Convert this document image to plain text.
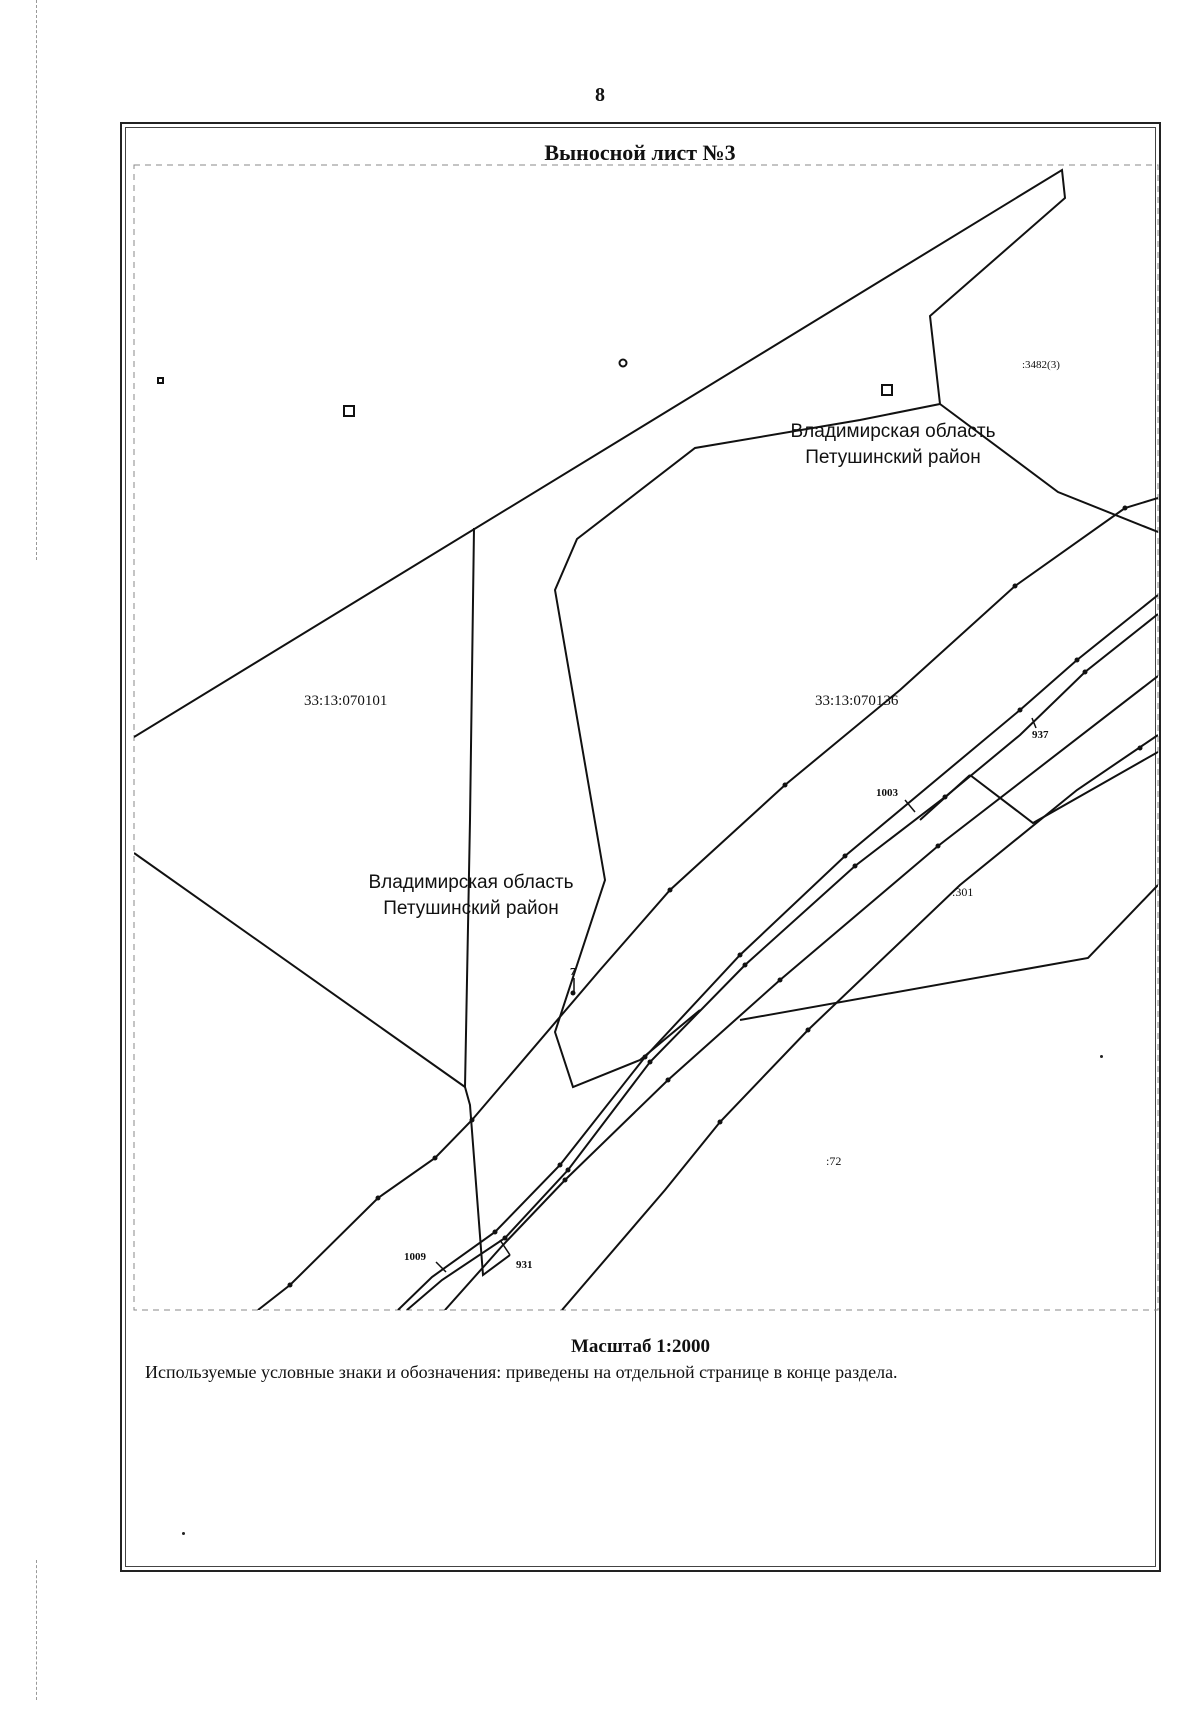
8
Владимирская область
Петушинский район
Владимирская область
Петушинский район
33:13:070101	33:13:070136
:3482(3)
:301
:72
937
1003
7
1009
931
Выносной лист №3
Масштаб 1:2000
Используемые условные знаки и обозначения: приведены на отдельной странице в конце раздела.
